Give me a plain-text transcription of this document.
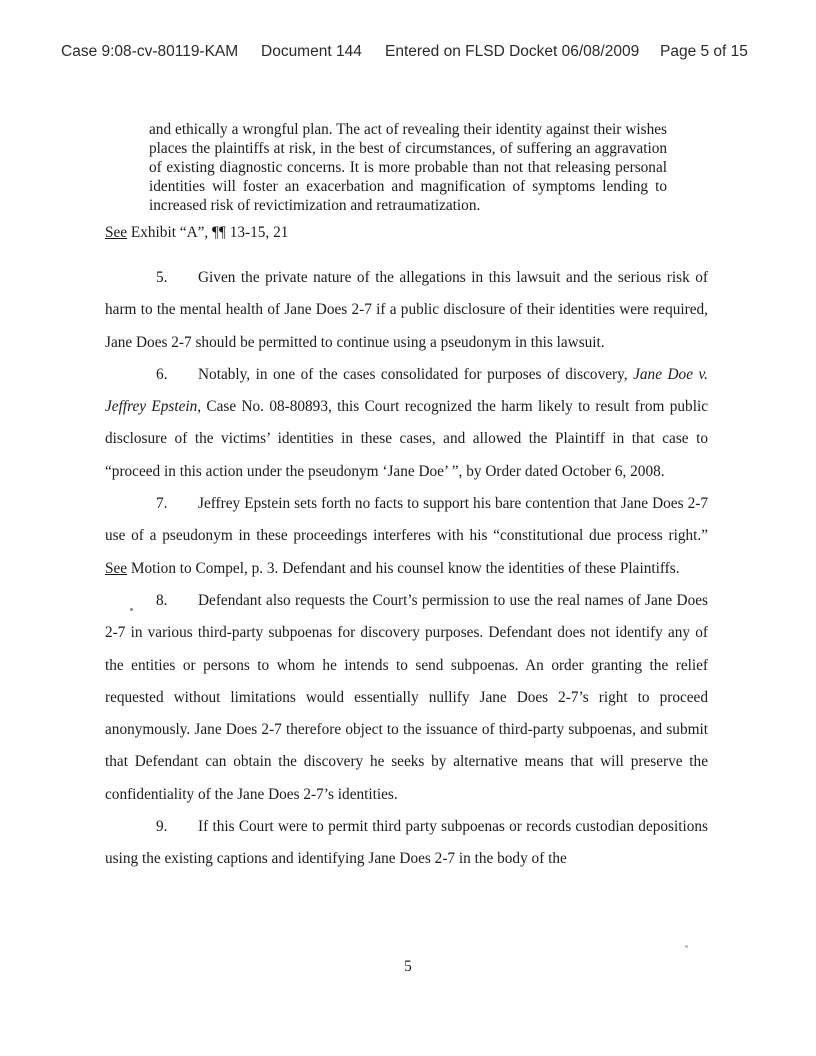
Case 9:08-cv-80119-KAM Document 144 Entered on FLSD Docket 06/08/2009 Page 5 of 15

and ethically a wrongful plan. The act of revealing their identity against their wishes places the plaintiffs at risk, in the best of circumstances, of suffering an aggravation of existing diagnostic concerns. It is more probable than not that releasing personal identities will foster an exacerbation and magnification of symptoms lending to increased risk of revictimization and retraumatization.

See Exhibit “A”, ¶¶ 13-15, 21

5. Given the private nature of the allegations in this lawsuit and the serious risk of harm to the mental health of Jane Does 2-7 if a public disclosure of their identities were required, Jane Does 2-7 should be permitted to continue using a pseudonym in this lawsuit.

6. Notably, in one of the cases consolidated for purposes of discovery, Jane Doe v. Jeffrey Epstein, Case No. 08-80893, this Court recognized the harm likely to result from public disclosure of the victims’ identities in these cases, and allowed the Plaintiff in that case to “proceed in this action under the pseudonym ‘Jane Doe’ ”, by Order dated October 6, 2008.

7. Jeffrey Epstein sets forth no facts to support his bare contention that Jane Does 2-7 use of a pseudonym in these proceedings interferes with his “constitutional due process right.” See Motion to Compel, p. 3. Defendant and his counsel know the identities of these Plaintiffs.

8. Defendant also requests the Court’s permission to use the real names of Jane Does 2-7 in various third-party subpoenas for discovery purposes. Defendant does not identify any of the entities or persons to whom he intends to send subpoenas. An order granting the relief requested without limitations would essentially nullify Jane Does 2-7’s right to proceed anonymously. Jane Does 2-7 therefore object to the issuance of third-party subpoenas, and submit that Defendant can obtain the discovery he seeks by alternative means that will preserve the confidentiality of the Jane Does 2-7’s identities.

9. If this Court were to permit third party subpoenas or records custodian depositions using the existing captions and identifying Jane Does 2-7 in the body of the

5
